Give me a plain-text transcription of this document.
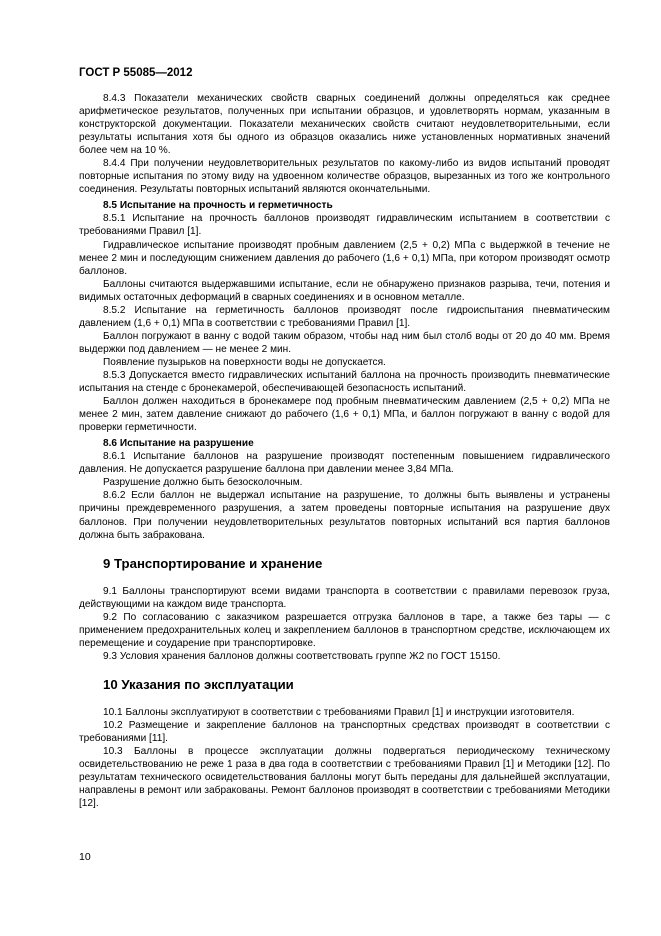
ГОСТ Р 55085—2012

8.4.3 Показатели механических свойств сварных соединений должны определяться как среднее арифметическое результатов, полученных при испытании образцов, и удовлетворять нормам, указанным в конструкторской документации. Показатели механических свойств считают неудовлетворительными, если результаты испытания хотя бы одного из образцов оказались ниже установленных нормативных значений более чем на 10 %.

8.4.4 При получении неудовлетворительных результатов по какому-либо из видов испытаний проводят повторные испытания по этому виду на удвоенном количестве образцов, вырезанных из того же контрольного соединения. Результаты повторных испытаний являются окончательными.

8.5 Испытание на прочность и герметичность

8.5.1 Испытание на прочность баллонов производят гидравлическим испытанием в соответствии с требованиями Правил [1].

Гидравлическое испытание производят пробным давлением (2,5 + 0,2) МПа с выдержкой в течение не менее 2 мин и последующим снижением давления до рабочего (1,6 + 0,1) МПа, при котором производят осмотр баллонов.

Баллоны считаются выдержавшими испытание, если не обнаружено признаков разрыва, течи, потения и видимых остаточных деформаций в сварных соединениях и в основном металле.

8.5.2 Испытание на герметичность баллонов производят после гидроиспытания пневматическим давлением (1,6 + 0,1) МПа в соответствии с требованиями Правил [1].

Баллон погружают в ванну с водой таким образом, чтобы над ним был столб воды от 20 до 40 мм. Время выдержки под давлением — не менее 2 мин.

Появление пузырьков на поверхности воды не допускается.

8.5.3 Допускается вместо гидравлических испытаний баллона на прочность производить пневматические испытания на стенде с бронекамерой, обеспечивающей безопасность испытаний.

Баллон должен находиться в бронекамере под пробным пневматическим давлением (2,5 + 0,2) МПа не менее 2 мин, затем давление снижают до рабочего (1,6 + 0,1) МПа, и баллон погружают в ванну с водой для проверки герметичности.

8.6 Испытание на разрушение

8.6.1 Испытание баллонов на разрушение производят постепенным повышением гидравлического давления. Не допускается разрушение баллона при давлении менее 3,84 МПа.

Разрушение должно быть безосколочным.

8.6.2 Если баллон не выдержал испытание на разрушение, то должны быть выявлены и устранены причины преждевременного разрушения, а затем проведены повторные испытания на разрушение двух баллонов. При получении неудовлетворительных результатов повторных испытаний вся партия баллонов должна быть забракована.

9 Транспортирование и хранение

9.1 Баллоны транспортируют всеми видами транспорта в соответствии с правилами перевозок груза, действующими на каждом виде транспорта.

9.2 По согласованию с заказчиком разрешается отгрузка баллонов в таре, а также без тары — с применением предохранительных колец и закреплением баллонов в транспортном средстве, исключающем их перемещение и соударение при транспортировке.

9.3 Условия хранения баллонов должны соответствовать группе Ж2 по ГОСТ 15150.

10 Указания по эксплуатации

10.1 Баллоны эксплуатируют в соответствии с требованиями Правил [1] и инструкции изготовителя.

10.2 Размещение и закрепление баллонов на транспортных средствах производят в соответствии с требованиями [11].

10.3 Баллоны в процессе эксплуатации должны подвергаться периодическому техническому освидетельствованию не реже 1 раза в два года в соответствии с требованиями Правил [1] и Методики [12]. По результатам технического освидетельствования баллоны могут быть переданы для дальнейшей эксплуатации, направлены в ремонт или забракованы. Ремонт баллонов производят в соответствии с требованиями Методики [12].

10
